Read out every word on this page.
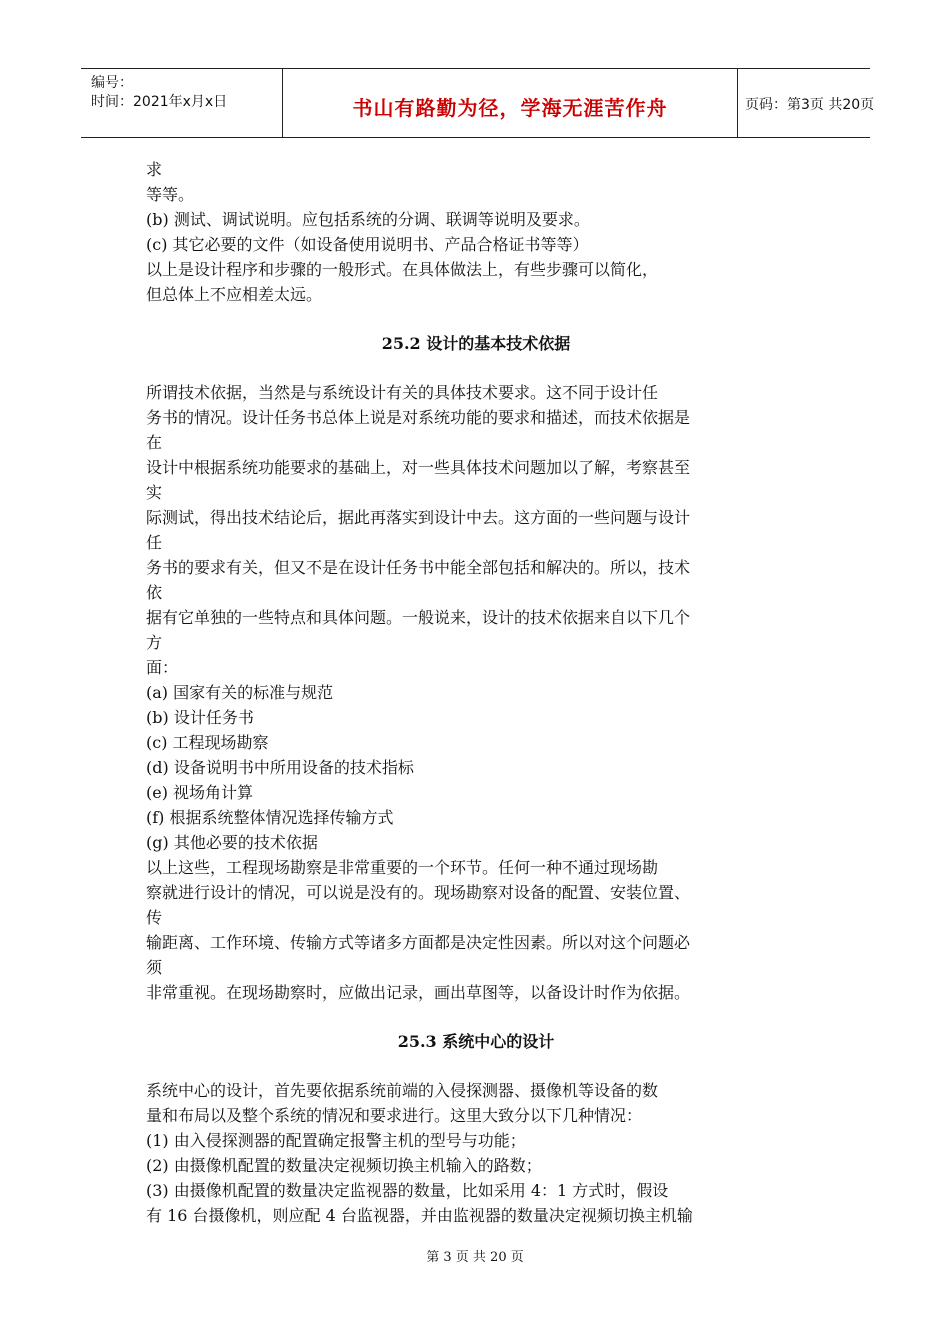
编号：
时间：2021年x月x日	书山有路勤为径，学海无涯苦作舟	页码：第3页 共20页
求
等等。
(b) 测试、调试说明。应包括系统的分调、联调等说明及要求。
(c) 其它必要的文件（如设备使用说明书、产品合格证书等等）
以上是设计程序和步骤的一般形式。在具体做法上，有些步骤可以简化，
但总体上不应相差太远。
25.2 设计的基本技术依据
所谓技术依据，当然是与系统设计有关的具体技术要求。这不同于设计任
务书的情况。设计任务书总体上说是对系统功能的要求和描述，而技术依据是
在
设计中根据系统功能要求的基础上，对一些具体技术问题加以了解，考察甚至
实
际测试，得出技术结论后，据此再落实到设计中去。这方面的一些问题与设计
任
务书的要求有关，但又不是在设计任务书中能全部包括和解决的。所以，技术
依
据有它单独的一些特点和具体问题。一般说来，设计的技术依据来自以下几个
方
面：
(a) 国家有关的标准与规范
(b) 设计任务书
(c) 工程现场勘察
(d) 设备说明书中所用设备的技术指标
(e) 视场角计算
(f) 根据系统整体情况选择传输方式
(g) 其他必要的技术依据
以上这些，工程现场勘察是非常重要的一个环节。任何一种不通过现场勘
察就进行设计的情况，可以说是没有的。现场勘察对设备的配置、安装位置、
传
输距离、工作环境、传输方式等诸多方面都是决定性因素。所以对这个问题必
须
非常重视。在现场勘察时，应做出记录，画出草图等，以备设计时作为依据。
25.3 系统中心的设计
系统中心的设计，首先要依据系统前端的入侵探测器、摄像机等设备的数
量和布局以及整个系统的情况和要求进行。这里大致分以下几种情况：
(1) 由入侵探测器的配置确定报警主机的型号与功能；
(2) 由摄像机配置的数量决定视频切换主机输入的路数；
(3) 由摄像机配置的数量决定监视器的数量，比如采用 4：1 方式时，假设
有 16 台摄像机，则应配 4 台监视器，并由监视器的数量决定视频切换主机输
第 3 页 共 20 页
